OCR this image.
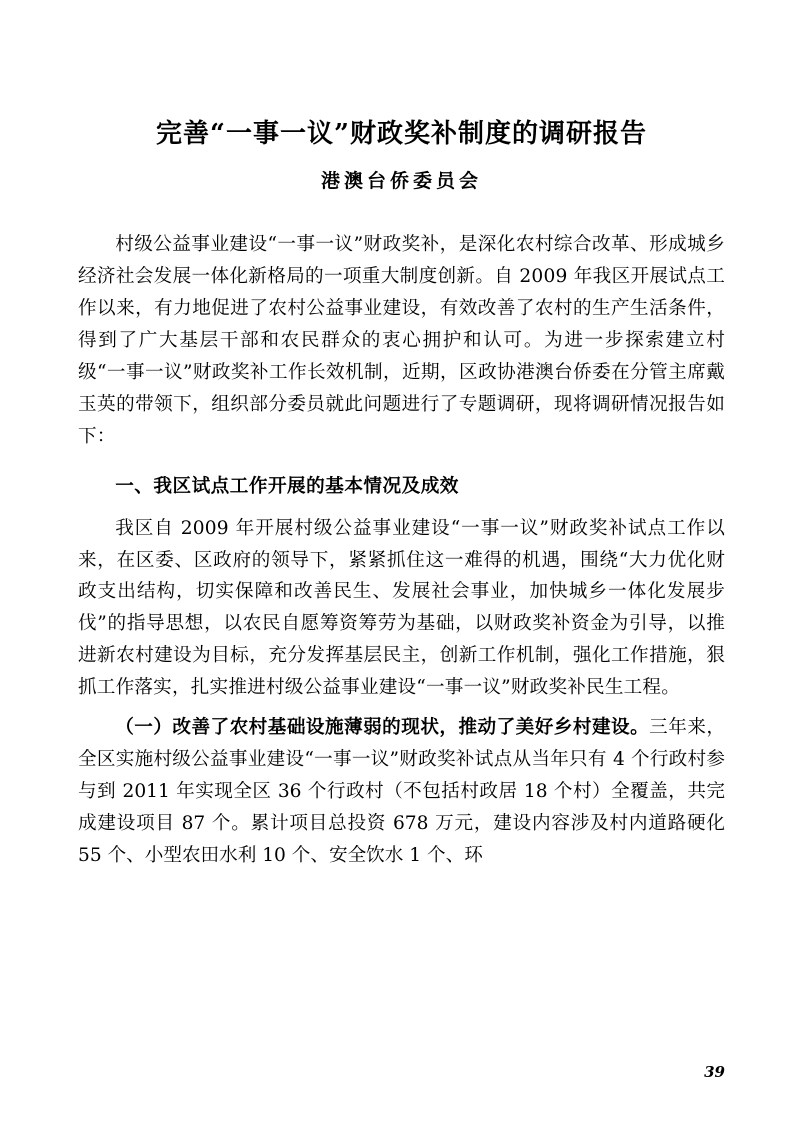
完善“一事一议”财政奖补制度的调研报告
港澳台侨委员会

村级公益事业建设“一事一议”财政奖补，是深化农村综合改革、形成城乡经济社会发展一体化新格局的一项重大制度创新。自 2009 年我区开展试点工作以来，有力地促进了农村公益事业建设，有效改善了农村的生产生活条件，得到了广大基层干部和农民群众的衷心拥护和认可。为进一步探索建立村级“一事一议”财政奖补工作长效机制，近期，区政协港澳台侨委在分管主席戴玉英的带领下，组织部分委员就此问题进行了专题调研，现将调研情况报告如下：

一、我区试点工作开展的基本情况及成效

我区自 2009 年开展村级公益事业建设“一事一议”财政奖补试点工作以来，在区委、区政府的领导下，紧紧抓住这一难得的机遇，围绕“大力优化财政支出结构，切实保障和改善民生、发展社会事业，加快城乡一体化发展步伐”的指导思想，以农民自愿筹资筹劳为基础，以财政奖补资金为引导，以推进新农村建设为目标，充分发挥基层民主，创新工作机制，强化工作措施，狠抓工作落实，扎实推进村级公益事业建设“一事一议”财政奖补民生工程。

（一）改善了农村基础设施薄弱的现状，推动了美好乡村建设。三年来，全区实施村级公益事业建设“一事一议”财政奖补试点从当年只有 4 个行政村参与到 2011 年实现全区 36 个行政村（不包括村政居 18 个村）全覆盖，共完成建设项目 87 个。累计项目总投资 678 万元，建设内容涉及村内道路硬化 55 个、小型农田水利 10 个、安全饮水 1 个、环

39
